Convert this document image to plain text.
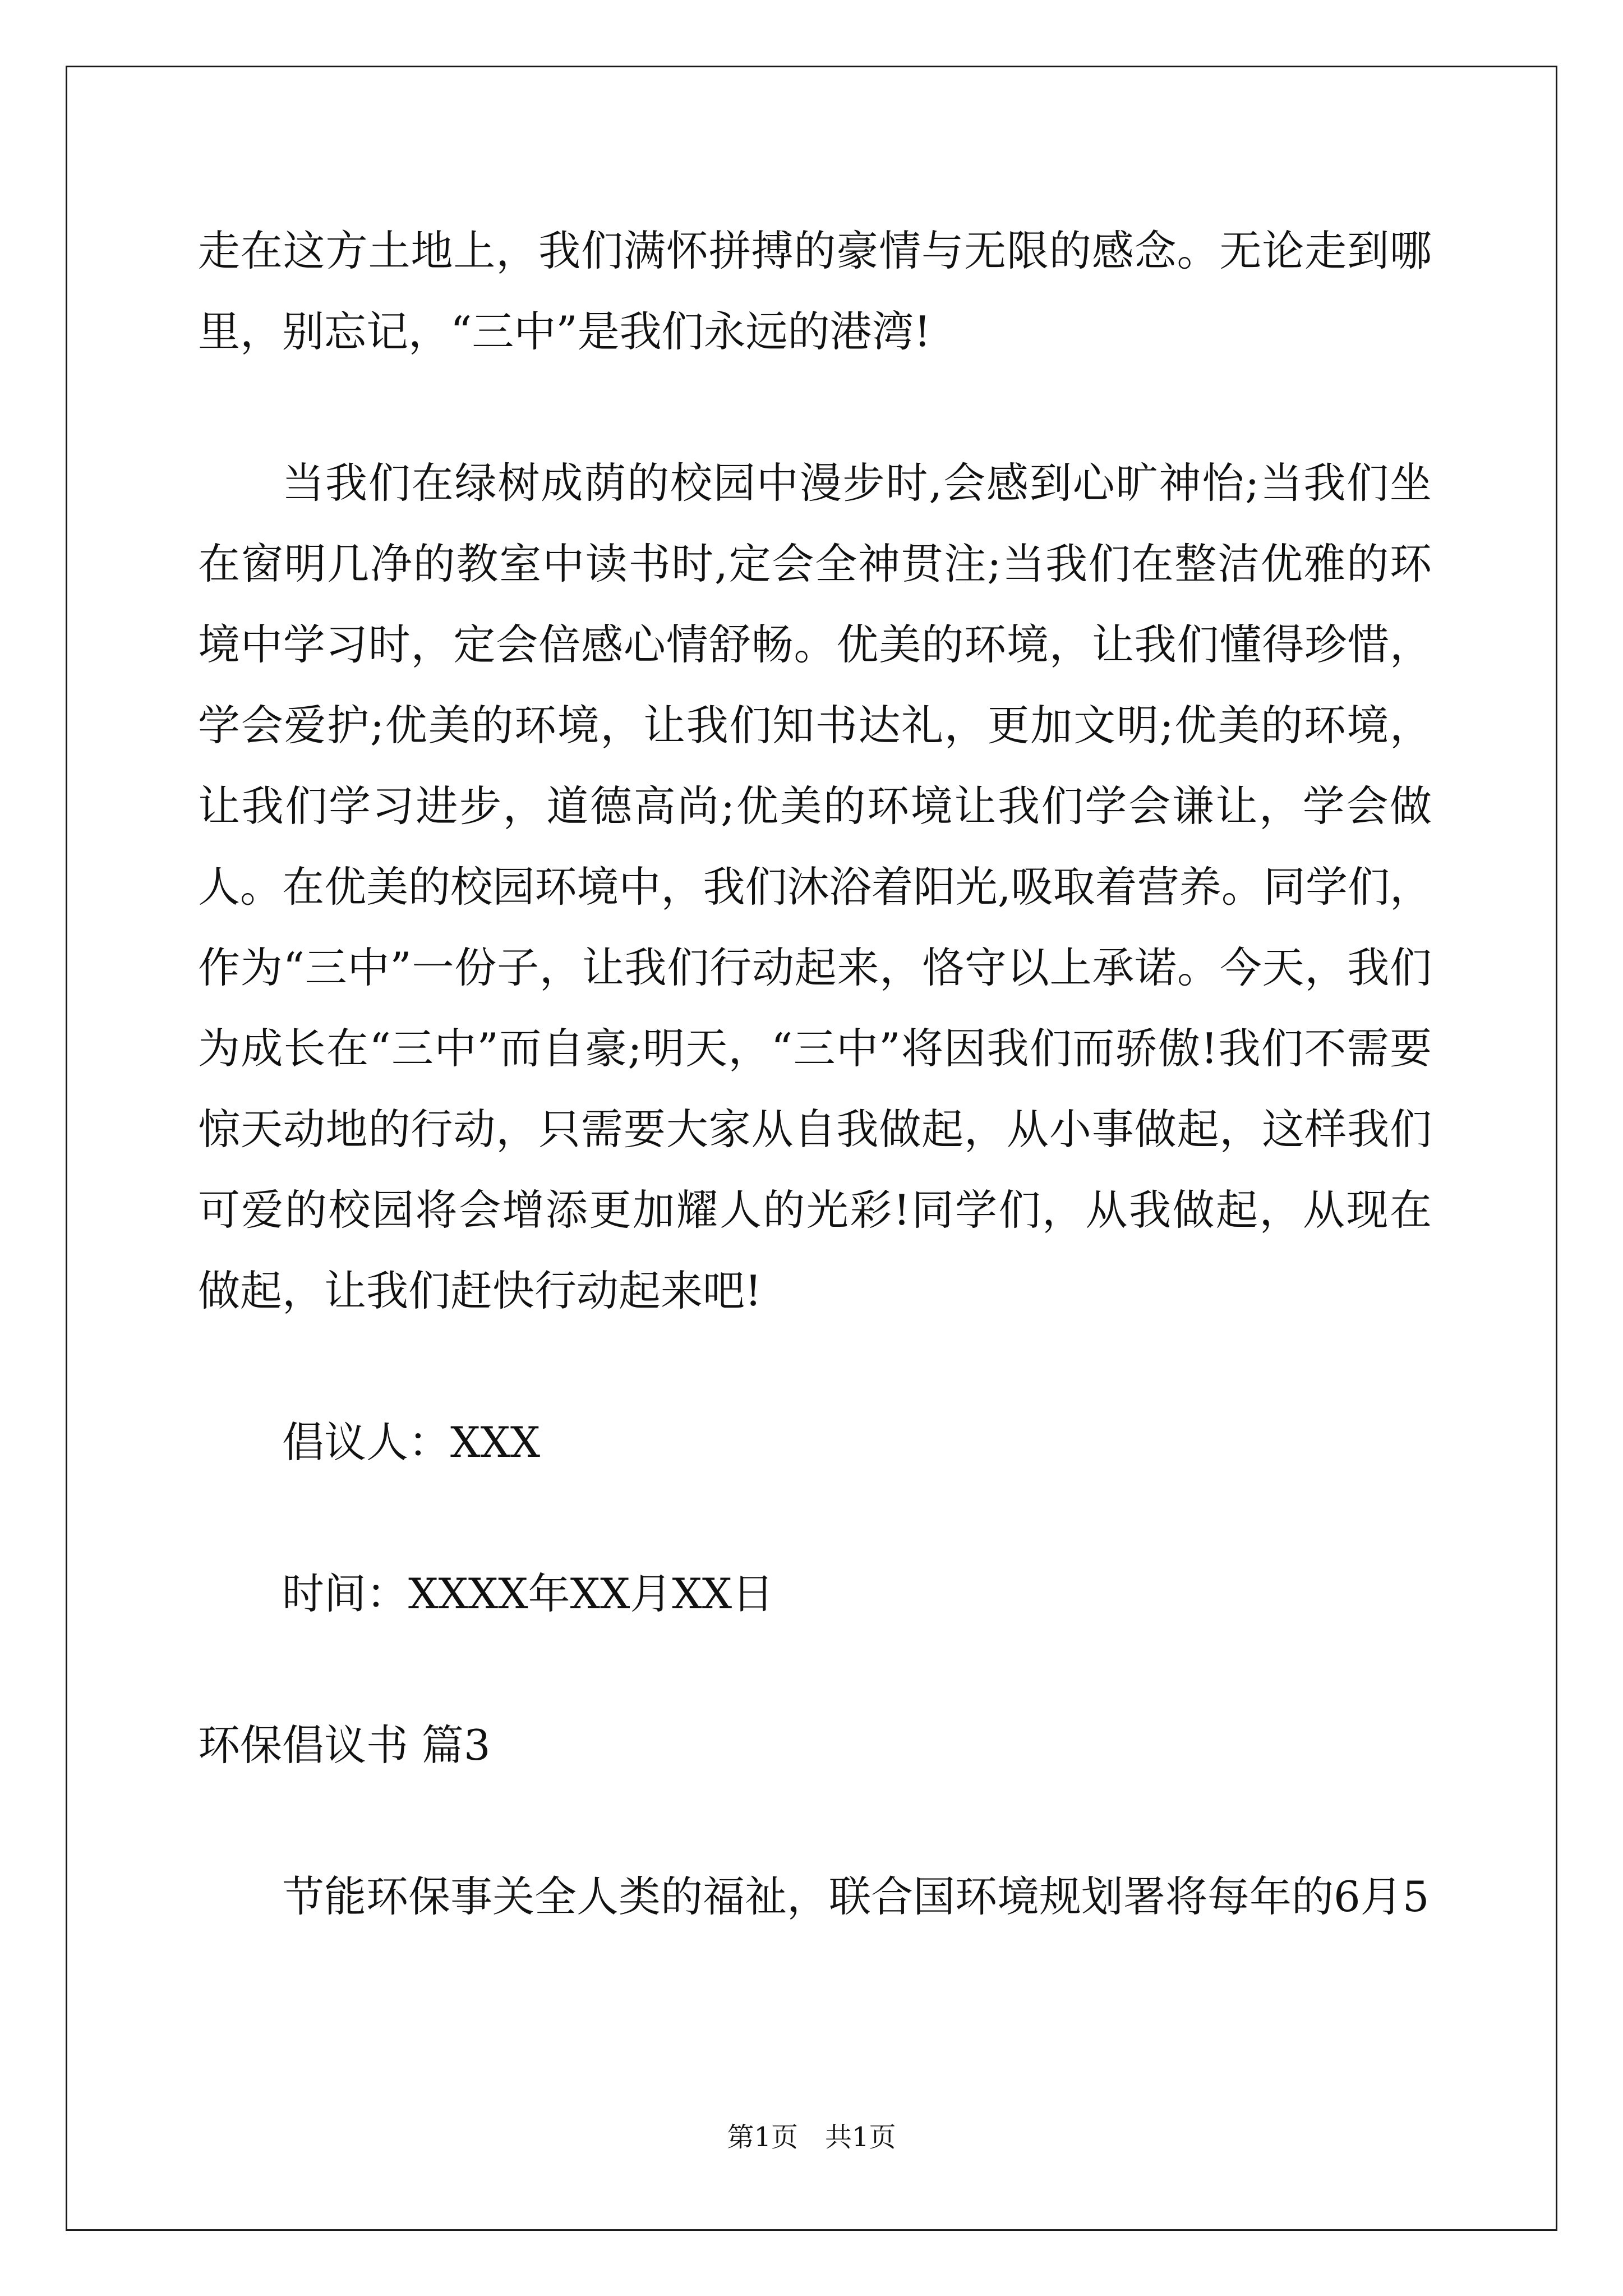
走在这方土地上，我们满怀拼搏的豪情与无限的感念。无论走到哪里，别忘记，“三中”是我们永远的港湾!

当我们在绿树成荫的校园中漫步时,会感到心旷神怡;当我们坐在窗明几净的教室中读书时,定会全神贯注;当我们在整洁优雅的环境中学习时，定会倍感心情舒畅。优美的环境，让我们懂得珍惜，学会爱护;优美的环境，让我们知书达礼，更加文明;优美的环境，让我们学习进步，道德高尚;优美的环境让我们学会谦让，学会做人。在优美的校园环境中，我们沐浴着阳光,吸取着营养。同学们，作为“三中”一份子，让我们行动起来，恪守以上承诺。今天，我们为成长在“三中”而自豪;明天，“三中”将因我们而骄傲!我们不需要惊天动地的行动，只需要大家从自我做起，从小事做起，这样我们可爱的校园将会增添更加耀人的光彩!同学们，从我做起，从现在做起，让我们赶快行动起来吧!

倡议人：XXX

时间：XXXX年XX月XX日

环保倡议书 篇3

节能环保事关全人类的福祉，联合国环境规划署将每年的6月5

第1页　共1页
